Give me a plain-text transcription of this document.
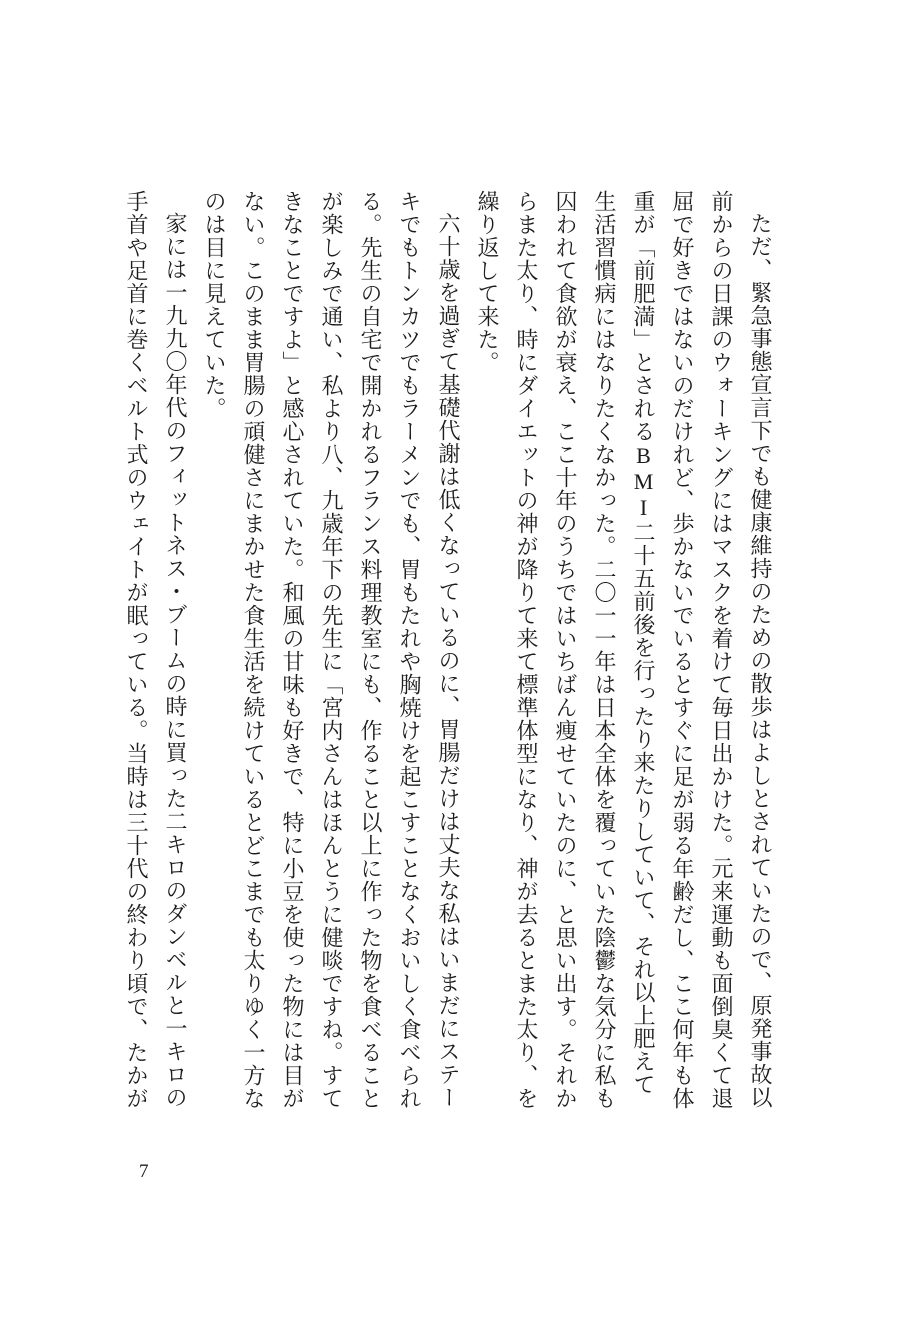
ただ、緊急事態宣言下でも健康維持のための散歩はよしとされていたので、原発事故以前からの日課のウォーキングにはマスクを着けて毎日出かけた。元来運動も面倒臭くて退屈で好きではないのだけれど、歩かないでいるとすぐに足が弱る年齢だし、ここ何年も体重が「前肥満」とされるBMI二十五前後を行ったり来たりしていて、それ以上肥えて生活習慣病にはなりたくなかった。二〇一一年は日本全体を覆っていた陰鬱な気分に私も囚われて食欲が衰え、ここ十年のうちではいちばん痩せていたのに、と思い出す。それからまた太り、時にダイエットの神が降りて来て標準体型になり、神が去るとまた太り、を繰り返して来た。

六十歳を過ぎて基礎代謝は低くなっているのに、胃腸だけは丈夫な私はいまだにステーキでもトンカツでもラーメンでも、胃もたれや胸焼けを起こすことなくおいしく食べられる。先生の自宅で開かれるフランス料理教室にも、作ること以上に作った物を食べることが楽しみで通い、私より八、九歳年下の先生に「宮内さんはほんとうに健啖ですね。すてきなことですよ」と感心されていた。和風の甘味も好きで、特に小豆を使った物には目がない。このまま胃腸の頑健さにまかせた食生活を続けているとどこまでも太りゆく一方なのは目に見えていた。

家には一九九〇年代のフィットネス・ブームの時に買った二キロのダンベルと一キロの手首や足首に巻くベルト式のウェイトが眠っている。当時は三十代の終わり頃で、たかが

7
